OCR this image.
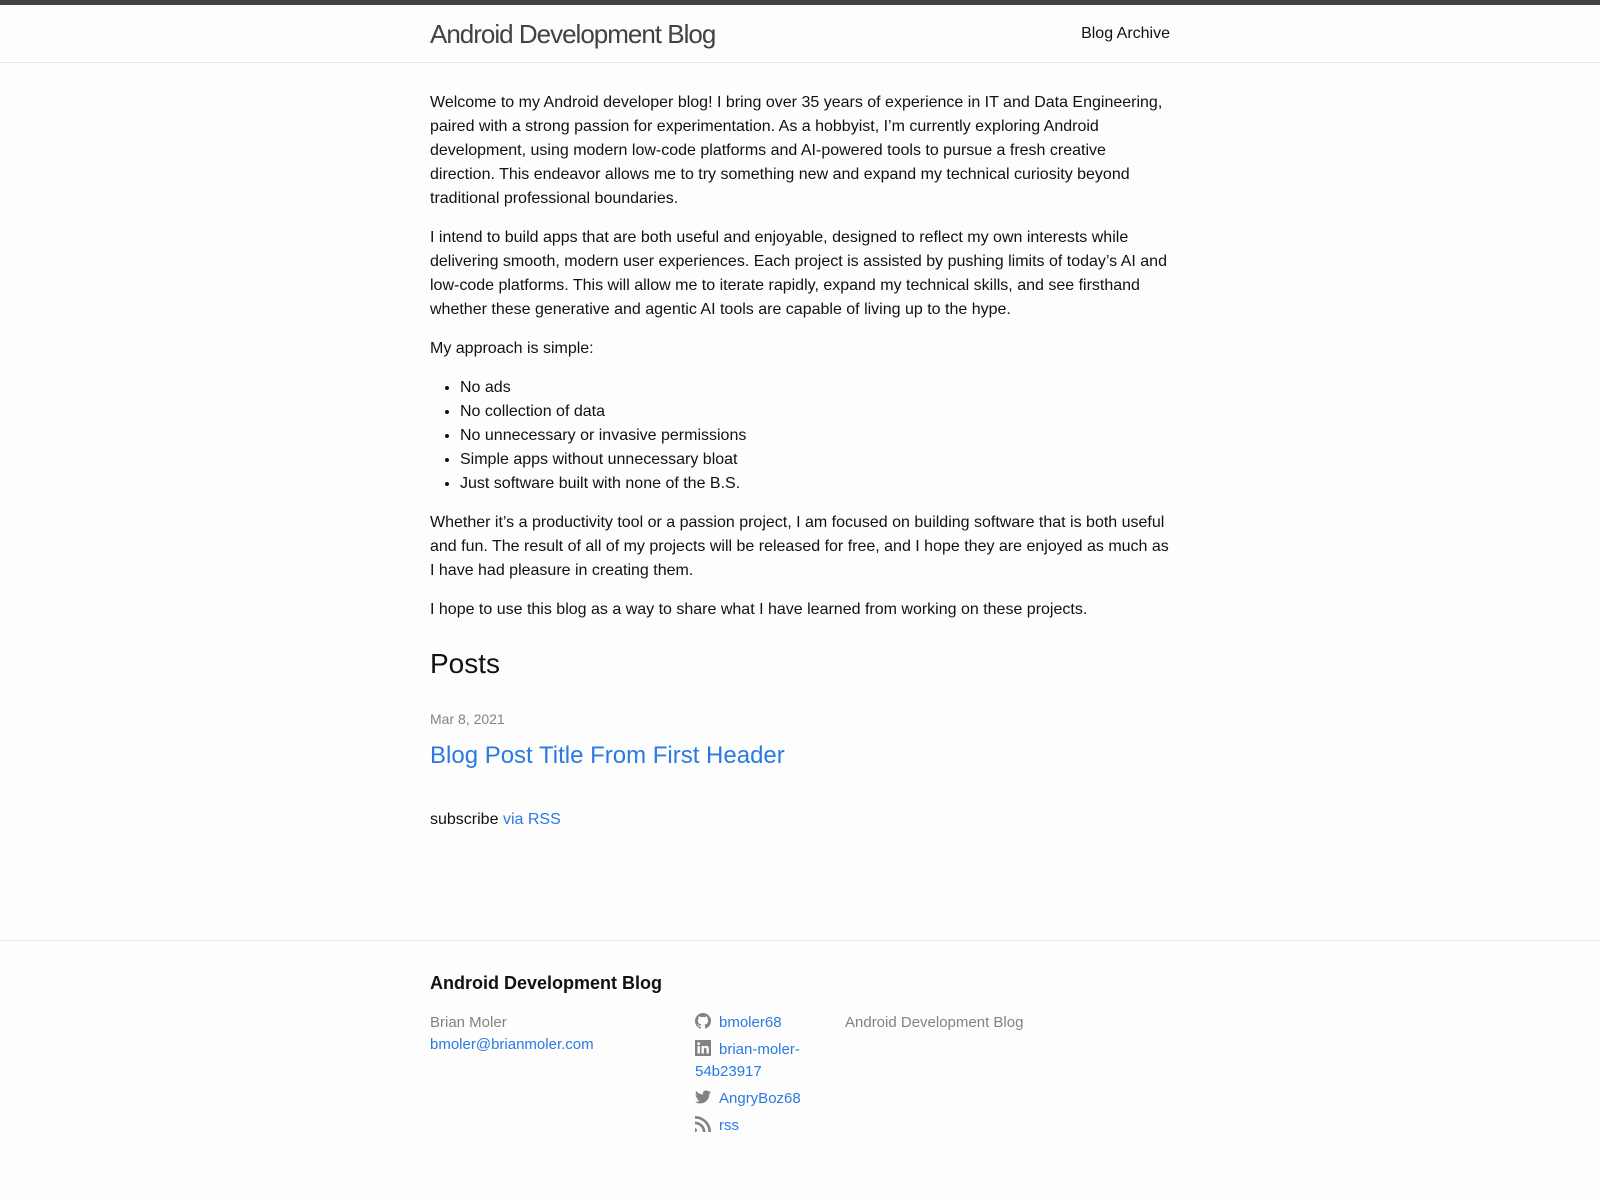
Android Development Blog	Blog Archive

Welcome to my Android developer blog! I bring over 35 years of experience in IT and Data Engineering, paired with a strong passion for experimentation. As a hobbyist, I’m currently exploring Android development, using modern low-code platforms and AI-powered tools to pursue a fresh creative direction. This endeavor allows me to try something new and expand my technical curiosity beyond traditional professional boundaries.

I intend to build apps that are both useful and enjoyable, designed to reflect my own interests while delivering smooth, modern user experiences. Each project is assisted by pushing limits of today’s AI and low-code platforms. This will allow me to iterate rapidly, expand my technical skills, and see firsthand whether these generative and agentic AI tools are capable of living up to the hype.

My approach is simple:

• No ads
• No collection of data
• No unnecessary or invasive permissions
• Simple apps without unnecessary bloat
• Just software built with none of the B.S.

Whether it’s a productivity tool or a passion project, I am focused on building software that is both useful and fun. The result of all of my projects will be released for free, and I hope they are enjoyed as much as I have had pleasure in creating them.

I hope to use this blog as a way to share what I have learned from working on these projects.

Posts
Mar 8, 2021
Blog Post Title From First Header

subscribe via RSS

Android Development Blog
Brian Moler
bmoler@brianmoler.com
bmoler68
brian-moler-54b23917
AngryBoz68
rss

Android Development Blog
